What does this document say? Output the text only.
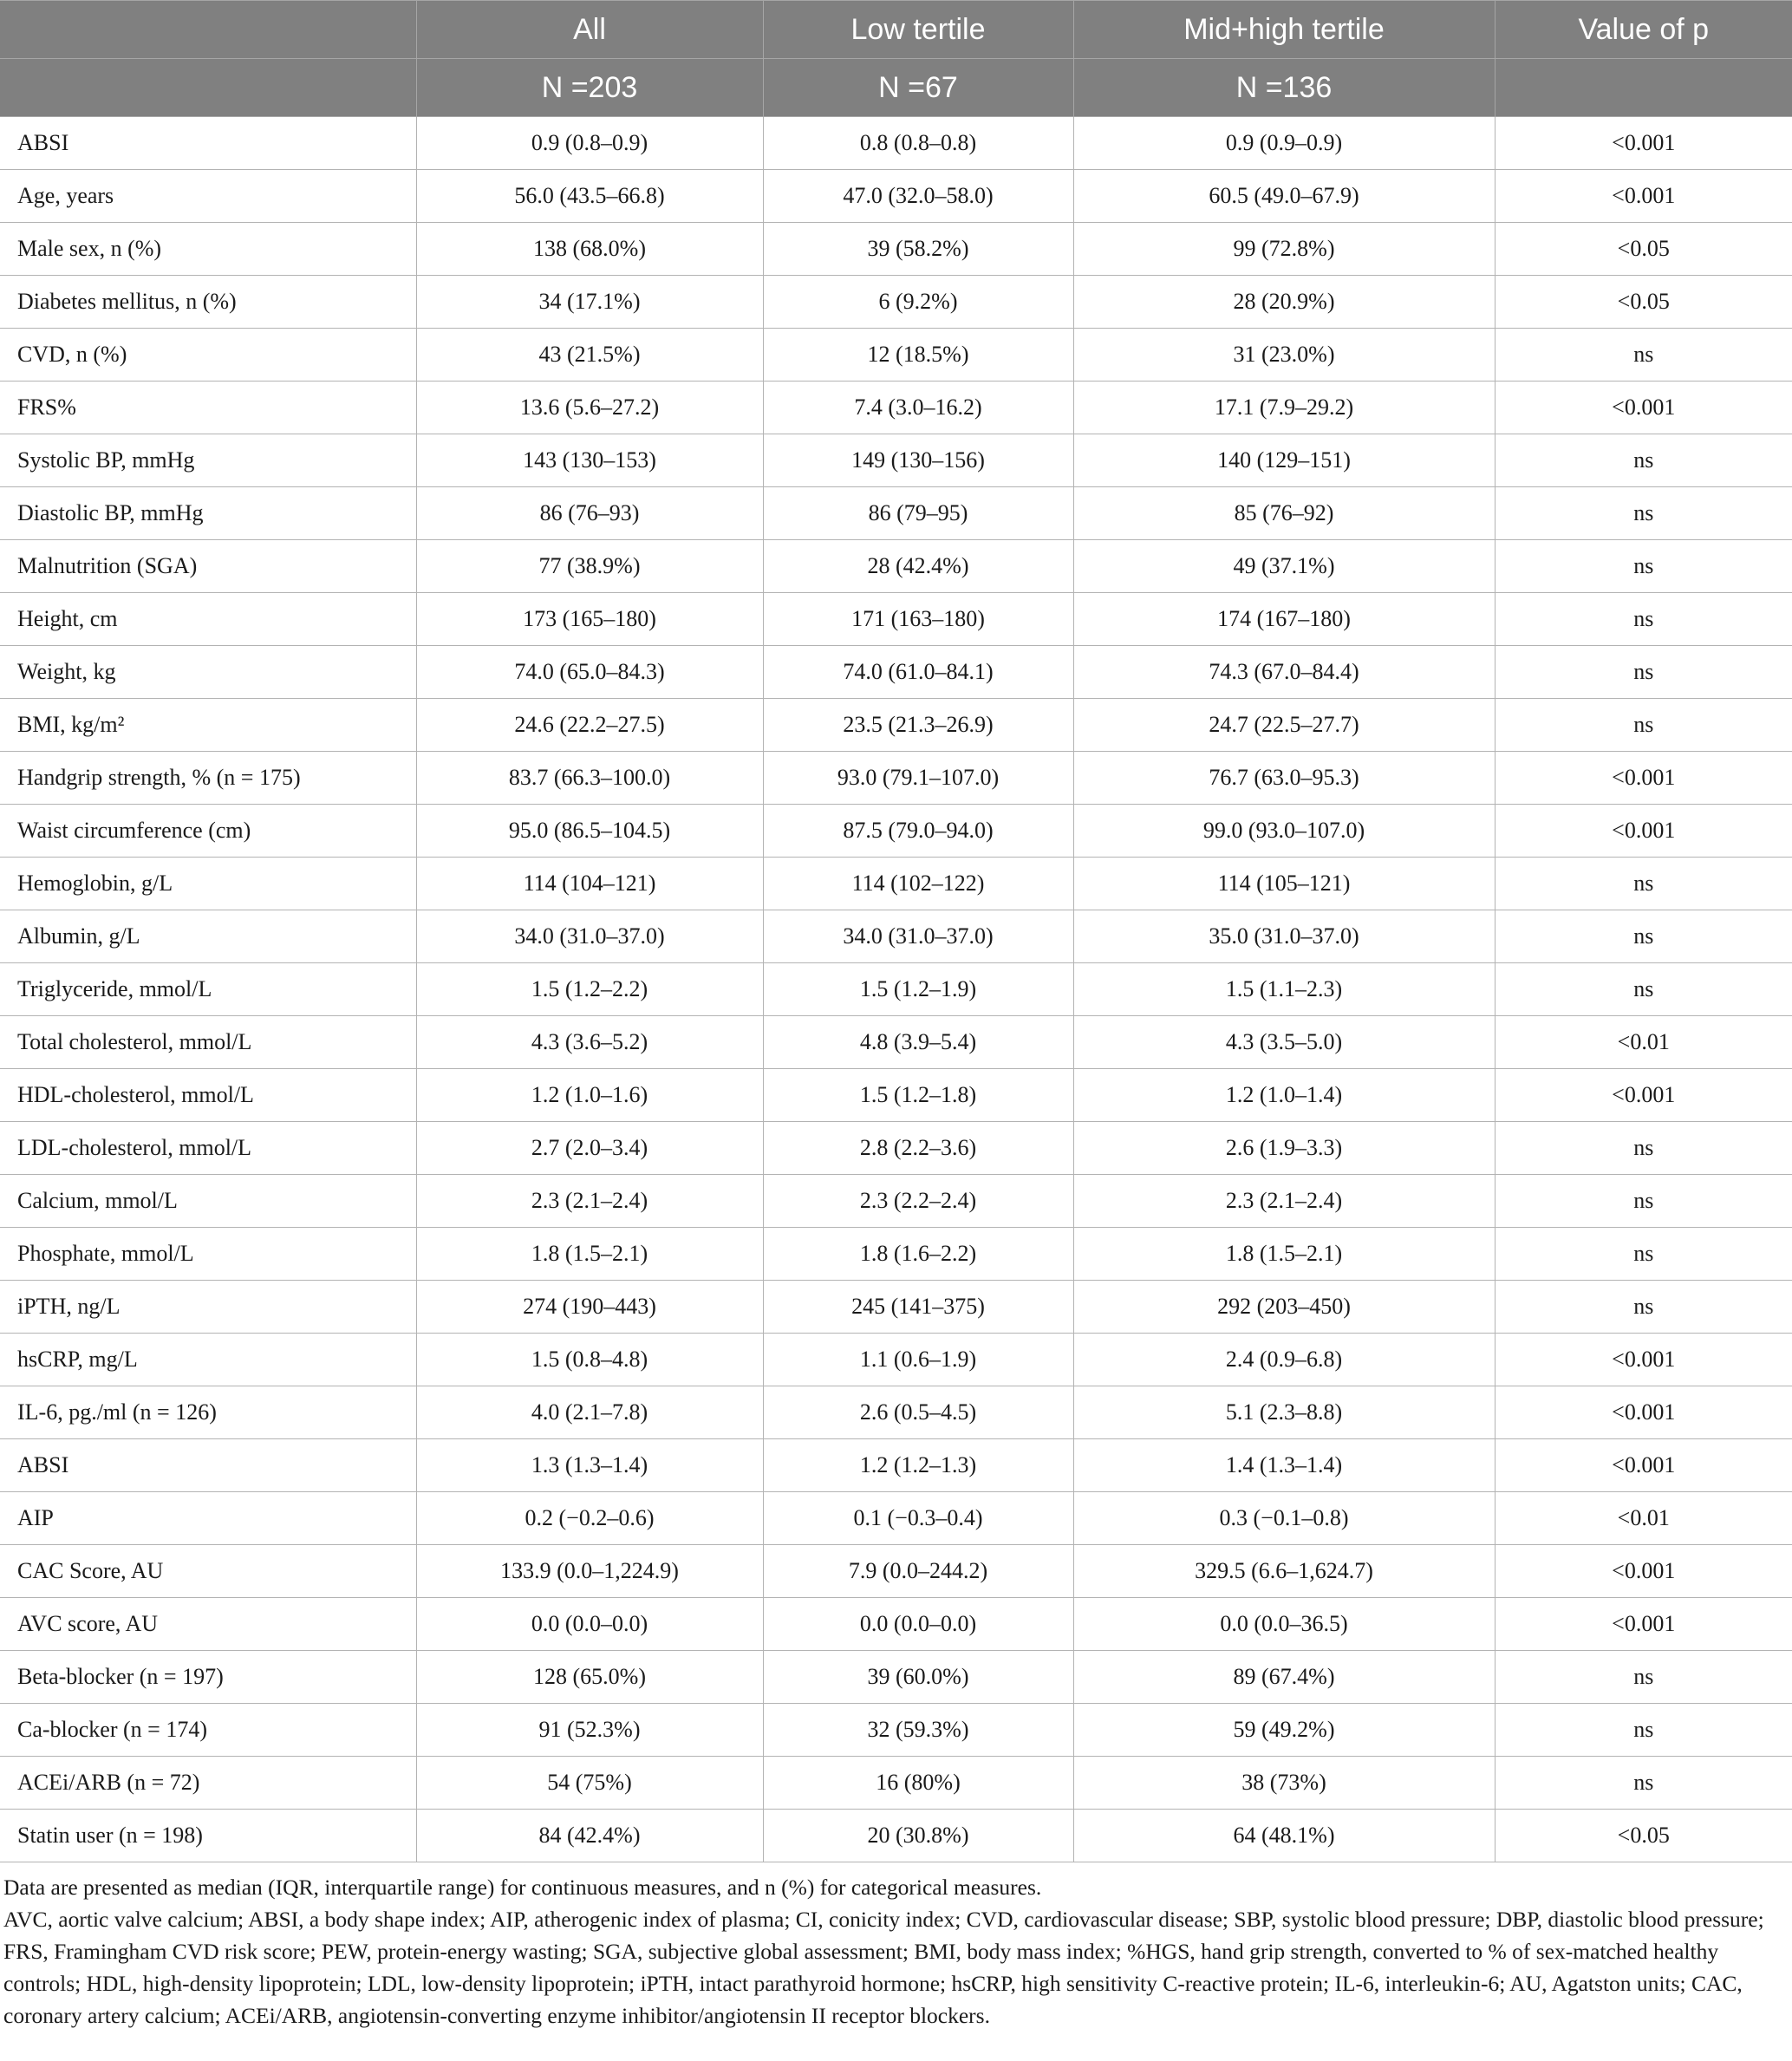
	All	Low tertile	Mid+high tertile	Value of p
	N =203	N =67	N =136	
ABSI	0.9 (0.8–0.9)	0.8 (0.8–0.8)	0.9 (0.9–0.9)	<0.001
Age, years	56.0 (43.5–66.8)	47.0 (32.0–58.0)	60.5 (49.0–67.9)	<0.001
Male sex, n (%)	138 (68.0%)	39 (58.2%)	99 (72.8%)	<0.05
Diabetes mellitus, n (%)	34 (17.1%)	6 (9.2%)	28 (20.9%)	<0.05
CVD, n (%)	43 (21.5%)	12 (18.5%)	31 (23.0%)	ns
FRS%	13.6 (5.6–27.2)	7.4 (3.0–16.2)	17.1 (7.9–29.2)	<0.001
Systolic BP, mmHg	143 (130–153)	149 (130–156)	140 (129–151)	ns
Diastolic BP, mmHg	86 (76–93)	86 (79–95)	85 (76–92)	ns
Malnutrition (SGA)	77 (38.9%)	28 (42.4%)	49 (37.1%)	ns
Height, cm	173 (165–180)	171 (163–180)	174 (167–180)	ns
Weight, kg	74.0 (65.0–84.3)	74.0 (61.0–84.1)	74.3 (67.0–84.4)	ns
BMI, kg/m²	24.6 (22.2–27.5)	23.5 (21.3–26.9)	24.7 (22.5–27.7)	ns
Handgrip strength, % (n = 175)	83.7 (66.3–100.0)	93.0 (79.1–107.0)	76.7 (63.0–95.3)	<0.001
Waist circumference (cm)	95.0 (86.5–104.5)	87.5 (79.0–94.0)	99.0 (93.0–107.0)	<0.001
Hemoglobin, g/L	114 (104–121)	114 (102–122)	114 (105–121)	ns
Albumin, g/L	34.0 (31.0–37.0)	34.0 (31.0–37.0)	35.0 (31.0–37.0)	ns
Triglyceride, mmol/L	1.5 (1.2–2.2)	1.5 (1.2–1.9)	1.5 (1.1–2.3)	ns
Total cholesterol, mmol/L	4.3 (3.6–5.2)	4.8 (3.9–5.4)	4.3 (3.5–5.0)	<0.01
HDL-cholesterol, mmol/L	1.2 (1.0–1.6)	1.5 (1.2–1.8)	1.2 (1.0–1.4)	<0.001
LDL-cholesterol, mmol/L	2.7 (2.0–3.4)	2.8 (2.2–3.6)	2.6 (1.9–3.3)	ns
Calcium, mmol/L	2.3 (2.1–2.4)	2.3 (2.2–2.4)	2.3 (2.1–2.4)	ns
Phosphate, mmol/L	1.8 (1.5–2.1)	1.8 (1.6–2.2)	1.8 (1.5–2.1)	ns
iPTH, ng/L	274 (190–443)	245 (141–375)	292 (203–450)	ns
hsCRP, mg/L	1.5 (0.8–4.8)	1.1 (0.6–1.9)	2.4 (0.9–6.8)	<0.001
IL-6, pg./ml (n = 126)	4.0 (2.1–7.8)	2.6 (0.5–4.5)	5.1 (2.3–8.8)	<0.001
ABSI	1.3 (1.3–1.4)	1.2 (1.2–1.3)	1.4 (1.3–1.4)	<0.001
AIP	0.2 (−0.2–0.6)	0.1 (−0.3–0.4)	0.3 (−0.1–0.8)	<0.01
CAC Score, AU	133.9 (0.0–1,224.9)	7.9 (0.0–244.2)	329.5 (6.6–1,624.7)	<0.001
AVC score, AU	0.0 (0.0–0.0)	0.0 (0.0–0.0)	0.0 (0.0–36.5)	<0.001
Beta-blocker (n = 197)	128 (65.0%)	39 (60.0%)	89 (67.4%)	ns
Ca-blocker (n = 174)	91 (52.3%)	32 (59.3%)	59 (49.2%)	ns
ACEi/ARB (n = 72)	54 (75%)	16 (80%)	38 (73%)	ns
Statin user (n = 198)	84 (42.4%)	20 (30.8%)	64 (48.1%)	<0.05

Data are presented as median (IQR, interquartile range) for continuous measures, and n (%) for categorical measures.

AVC, aortic valve calcium; ABSI, a body shape index; AIP, atherogenic index of plasma; CI, conicity index; CVD, cardiovascular disease; SBP, systolic blood pressure; DBP, diastolic blood pressure; FRS, Framingham CVD risk score; PEW, protein-energy wasting; SGA, subjective global assessment; BMI, body mass index; %HGS, hand grip strength, converted to % of sex-matched healthy controls; HDL, high-density lipoprotein; LDL, low-density lipoprotein; iPTH, intact parathyroid hormone; hsCRP, high sensitivity C-reactive protein; IL-6, interleukin-6; AU, Agatston units; CAC, coronary artery calcium; ACEi/ARB, angiotensin-converting enzyme inhibitor/angiotensin II receptor blockers.
